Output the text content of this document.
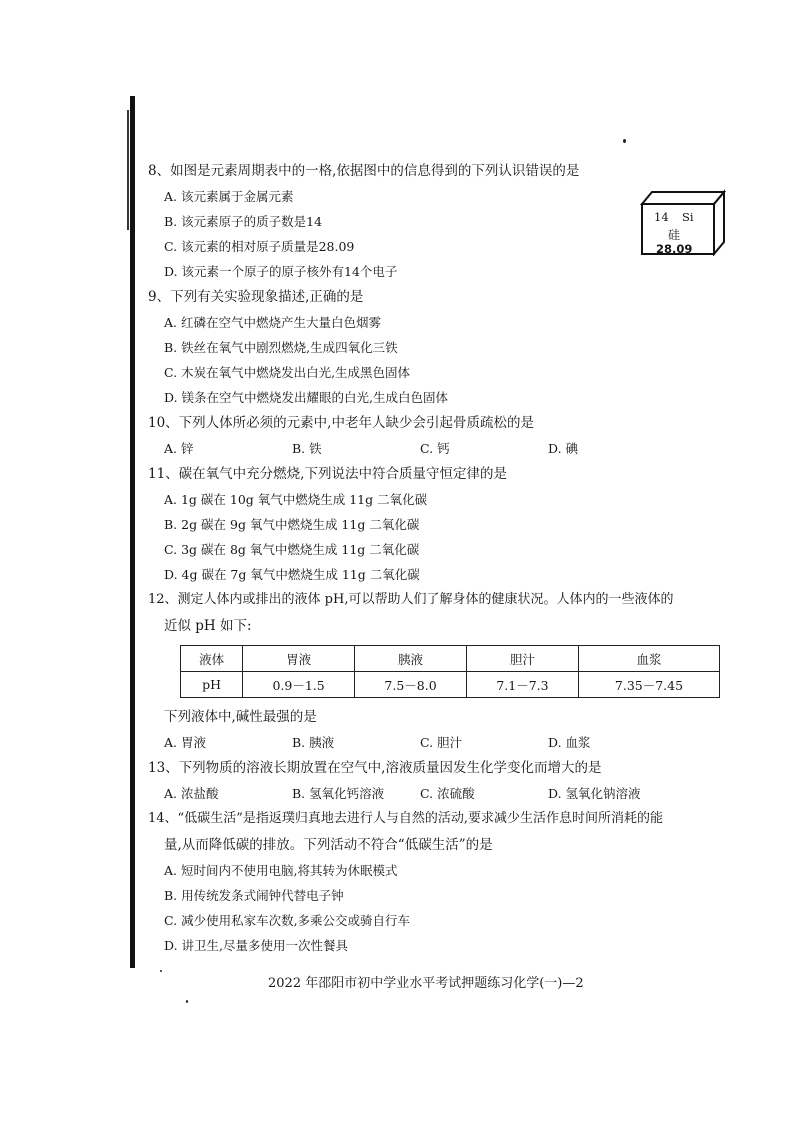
8、如图是元素周期表中的一格,依据图中的信息得到的下列认识错误的是
A. 该元素属于金属元素
B. 该元素原子的质子数是14
C. 该元素的相对原子质量是28.09
D. 该元素一个原子的原子核外有14个电子
14 Si
硅
28.09
9、下列有关实验现象描述,正确的是
A. 红磷在空气中燃烧产生大量白色烟雾
B. 铁丝在氧气中剧烈燃烧,生成四氧化三铁
C. 木炭在氧气中燃烧发出白光,生成黑色固体
D. 镁条在空气中燃烧发出耀眼的白光,生成白色固体
10、下列人体所必须的元素中,中老年人缺少会引起骨质疏松的是
A. 锌	B. 铁	C. 钙	D. 碘
11、碳在氧气中充分燃烧,下列说法中符合质量守恒定律的是
A. 1g 碳在 10g 氧气中燃烧生成 11g 二氧化碳
B. 2g 碳在 9g 氧气中燃烧生成 11g 二氧化碳
C. 3g 碳在 8g 氧气中燃烧生成 11g 二氧化碳
D. 4g 碳在 7g 氧气中燃烧生成 11g 二氧化碳
12、测定人体内或排出的液体 pH,可以帮助人们了解身体的健康状况。人体内的一些液体的
近似 pH 如下:
液体	胃液	胰液	胆汁	血浆
pH	0.9－1.5	7.5－8.0	7.1－7.3	7.35－7.45
下列液体中,碱性最强的是
A. 胃液	B. 胰液	C. 胆汁	D. 血浆
13、下列物质的溶液长期放置在空气中,溶液质量因发生化学变化而增大的是
A. 浓盐酸	B. 氢氧化钙溶液	C. 浓硫酸	D. 氢氧化钠溶液
14、“低碳生活”是指返璞归真地去进行人与自然的活动,要求减少生活作息时间所消耗的能
量,从而降低碳的排放。下列活动不符合“低碳生活”的是
A. 短时间内不使用电脑,将其转为休眠模式
B. 用传统发条式闹钟代替电子钟
C. 减少使用私家车次数,多乘公交或骑自行车
D. 讲卫生,尽量多使用一次性餐具
2022 年邵阳市初中学业水平考试押题练习化学(一)—2
